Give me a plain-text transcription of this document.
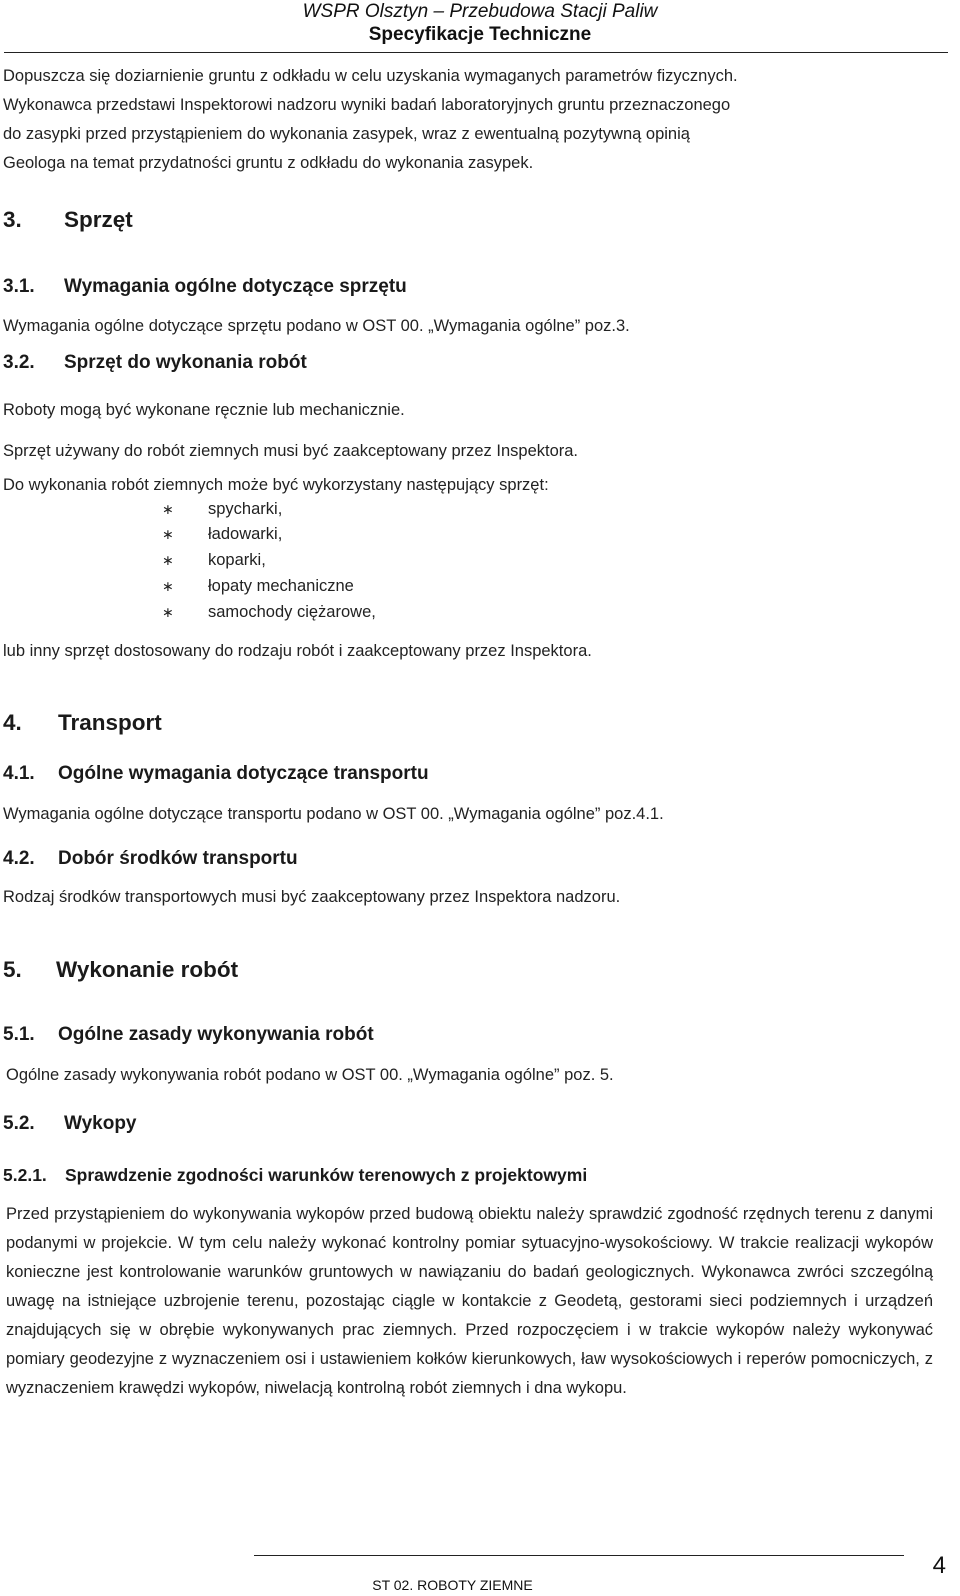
WSPR Olsztyn – Przebudowa Stacji Paliw
Specyfikacje Techniczne
Dopuszcza się doziarnienie gruntu z odkładu w celu uzyskania wymaganych parametrów fizycznych.
Wykonawca przedstawi Inspektorowi nadzoru wyniki badań laboratoryjnych gruntu przeznaczonego
do zasypki przed przystąpieniem do wykonania zasypek, wraz z ewentualną pozytywną opinią
Geologa na temat przydatności gruntu z odkładu do wykonania zasypek.
3. Sprzęt
3.1. Wymagania ogólne dotyczące sprzętu
Wymagania ogólne dotyczące sprzętu podano w OST 00. „Wymagania ogólne” poz.3.
3.2. Sprzęt do wykonania robót
Roboty mogą być wykonane ręcznie lub mechanicznie.
Sprzęt używany do robót ziemnych musi być zaakceptowany przez Inspektora.
Do wykonania robót ziemnych może być wykorzystany następujący sprzęt:
∗ spycharki,
∗ ładowarki,
∗ koparki,
∗ łopaty mechaniczne
∗ samochody ciężarowe,
lub inny sprzęt dostosowany do rodzaju robót i zaakceptowany przez Inspektora.
4. Transport
4.1. Ogólne wymagania dotyczące transportu
Wymagania ogólne dotyczące transportu podano w OST 00. „Wymagania ogólne” poz.4.1.
4.2. Dobór środków transportu
Rodzaj środków transportowych musi być zaakceptowany przez Inspektora nadzoru.
5. Wykonanie robót
5.1. Ogólne zasady wykonywania robót
Ogólne zasady wykonywania robót podano w OST 00. „Wymagania ogólne” poz. 5.
5.2. Wykopy
5.2.1. Sprawdzenie zgodności warunków terenowych z projektowymi
Przed przystąpieniem do wykonywania wykopów przed budową obiektu należy sprawdzić zgodność rzędnych terenu z danymi podanymi w projekcie. W tym celu należy wykonać kontrolny pomiar sytuacyjno-wysokościowy. W trakcie realizacji wykopów konieczne jest kontrolowanie warunków gruntowych w nawiązaniu do badań geologicznych. Wykonawca zwróci szczególną uwagę na istniejące uzbrojenie terenu, pozostając ciągle w kontakcie z Geodetą, gestorami sieci podziemnych i urządzeń znajdujących się w obrębie wykonywanych prac ziemnych. Przed rozpoczęciem i w trakcie wykopów należy wykonywać pomiary geodezyjne z wyznaczeniem osi i ustawieniem kołków kierunkowych, ław wysokościowych i reperów pomocniczych, z wyznaczeniem krawędzi wykopów, niwelacją kontrolną robót ziemnych i dna wykopu.
4
ST 02. ROBOTY ZIEMNE
